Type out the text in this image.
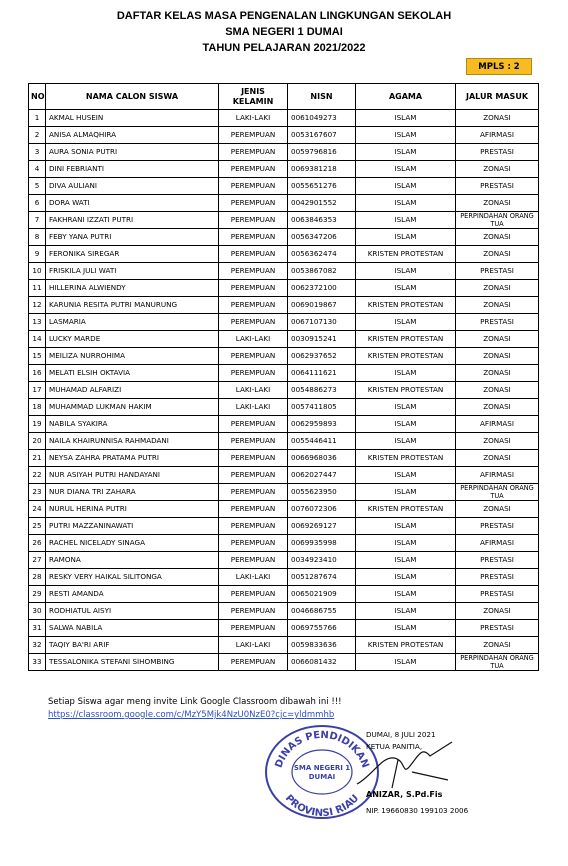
DAFTAR KELAS MASA PENGENALAN LINGKUNGAN SEKOLAH
SMA NEGERI 1 DUMAI
TAHUN PELAJARAN 2021/2022
MPLS : 2
NO	NAMA CALON SISWA	JENIS KELAMIN	NISN	AGAMA	JALUR MASUK
1	AKMAL HUSEIN	LAKI-LAKI	0061049273	ISLAM	ZONASI
2	ANISA ALMAQHIRA	PEREMPUAN	0053167607	ISLAM	AFIRMASI
3	AURA SONIA PUTRI	PEREMPUAN	0059796816	ISLAM	PRESTASI
4	DINI FEBRIANTI	PEREMPUAN	0069381218	ISLAM	ZONASI
5	DIVA AULIANI	PEREMPUAN	0055651276	ISLAM	PRESTASI
6	DORA WATI	PEREMPUAN	0042901552	ISLAM	ZONASI
7	FAKHRANI IZZATI PUTRI	PEREMPUAN	0063846353	ISLAM	PERPINDAHAN ORANG TUA
8	FEBY YANA PUTRI	PEREMPUAN	0056347206	ISLAM	ZONASI
9	FERONIKA SIREGAR	PEREMPUAN	0056362474	KRISTEN PROTESTAN	ZONASI
10	FRISKILA JULI WATI	PEREMPUAN	0053867082	ISLAM	PRESTASI
11	HILLERINA ALWIENDY	PEREMPUAN	0062372100	ISLAM	ZONASI
12	KARUNIA RESITA PUTRI MANURUNG	PEREMPUAN	0069019867	KRISTEN PROTESTAN	ZONASI
13	LASMARIA	PEREMPUAN	0067107130	ISLAM	PRESTASI
14	LUCKY MARDE	LAKI-LAKI	0030915241	KRISTEN PROTESTAN	ZONASI
15	MEILIZA NURROHIMA	PEREMPUAN	0062937652	KRISTEN PROTESTAN	ZONASI
16	MELATI ELSIH OKTAVIA	PEREMPUAN	0064111621	ISLAM	ZONASI
17	MUHAMAD ALFARIZI	LAKI-LAKI	0054886273	KRISTEN PROTESTAN	ZONASI
18	MUHAMMAD LUKMAN HAKIM	LAKI-LAKI	0057411805	ISLAM	ZONASI
19	NABILA SYAKIRA	PEREMPUAN	0062959893	ISLAM	AFIRMASI
20	NAILA KHAIRUNNISA RAHMADANI	PEREMPUAN	0055446411	ISLAM	ZONASI
21	NEYSA ZAHRA PRATAMA PUTRI	PEREMPUAN	0066968036	KRISTEN PROTESTAN	ZONASI
22	NUR ASIYAH PUTRI HANDAYANI	PEREMPUAN	0062027447	ISLAM	AFIRMASI
23	NUR DIANA TRI ZAHARA	PEREMPUAN	0055623950	ISLAM	PERPINDAHAN ORANG TUA
24	NURUL HERINA PUTRI	PEREMPUAN	0076072306	KRISTEN PROTESTAN	ZONASI
25	PUTRI MAZZANINAWATI	PEREMPUAN	0069269127	ISLAM	PRESTASI
26	RACHEL NICELADY SINAGA	PEREMPUAN	0069935998	ISLAM	AFIRMASI
27	RAMONA	PEREMPUAN	0034923410	ISLAM	PRESTASI
28	RESKY VERY HAIKAL SILITONGA	LAKI-LAKI	0051287674	ISLAM	PRESTASI
29	RESTI AMANDA	PEREMPUAN	0065021909	ISLAM	PRESTASI
30	RODHIATUL AISYI	PEREMPUAN	0046686755	ISLAM	ZONASI
31	SALWA NABILA	PEREMPUAN	0069755766	ISLAM	PRESTASI
32	TAQIY BA'RI ARIF	LAKI-LAKI	0059833636	KRISTEN PROTESTAN	ZONASI
33	TESSALONIKA STEFANI SIHOMBING	PEREMPUAN	0066081432	ISLAM	PERPINDAHAN ORANG TUA
Setiap Siswa agar meng invite Link Google Classroom dibawah ini !!!
https://classroom.google.com/c/MzY5Mjk4NzU0NzE0?cjc=yldmmhb
DINAS PENDIDIKAN
PROVINSI RIAU
SMA NEGERI 1
DUMAI
DUMAI, 8 JULI 2021
KETUA PANITIA,
ANIZAR, S.Pd.Fis
NIP. 19660830 199103 2006
